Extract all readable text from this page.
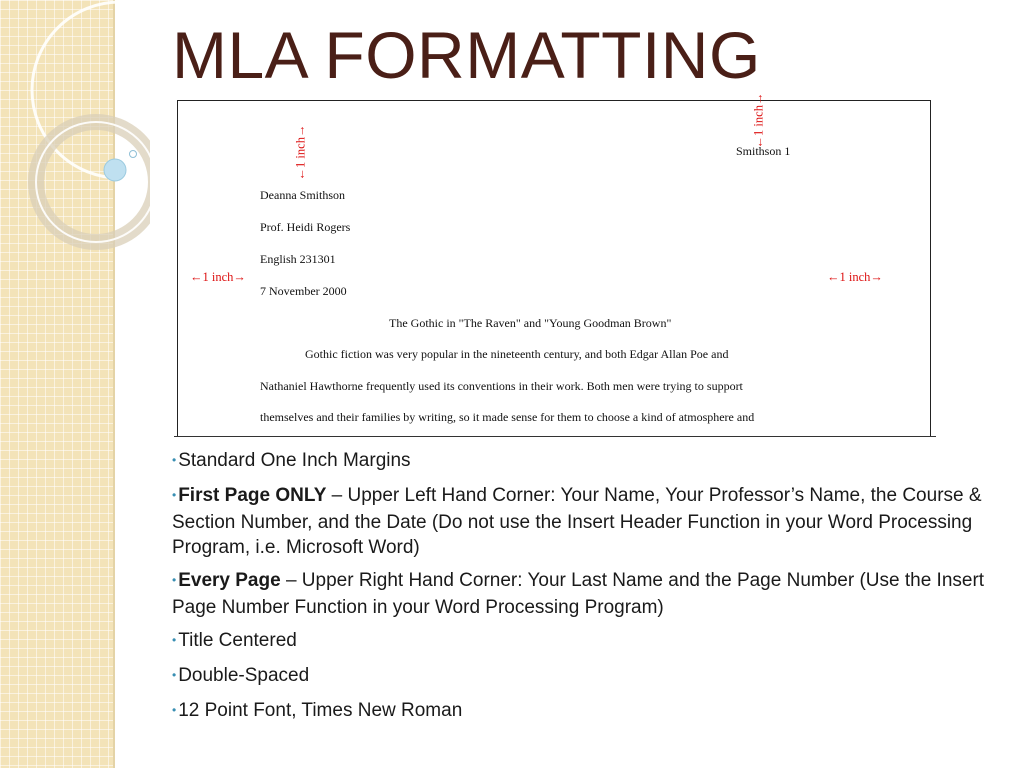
MLA FORMATTING
←1 inch→
←1 inch→
Smithson 1
Deanna Smithson
Prof. Heidi Rogers
English 231301
7 November 2000
←1 inch→	←1 inch→
The Gothic in "The Raven" and "Young Goodman Brown"
Gothic fiction was very popular in the nineteenth century, and both Edgar Allan Poe and
Nathaniel Hawthorne frequently used its conventions in their work. Both men were trying to support
themselves and their families by writing, so it made sense for them to choose a kind of atmosphere and
• Standard One Inch Margins
• First Page ONLY – Upper Left Hand Corner: Your Name, Your Professor’s Name, the Course & Section Number, and the Date (Do not use the Insert Header Function in your Word Processing Program, i.e. Microsoft Word)
• Every Page – Upper Right Hand Corner: Your Last Name and the Page Number (Use the Insert Page Number Function in your Word Processing Program)
• Title Centered
• Double-Spaced
• 12 Point Font, Times New Roman
